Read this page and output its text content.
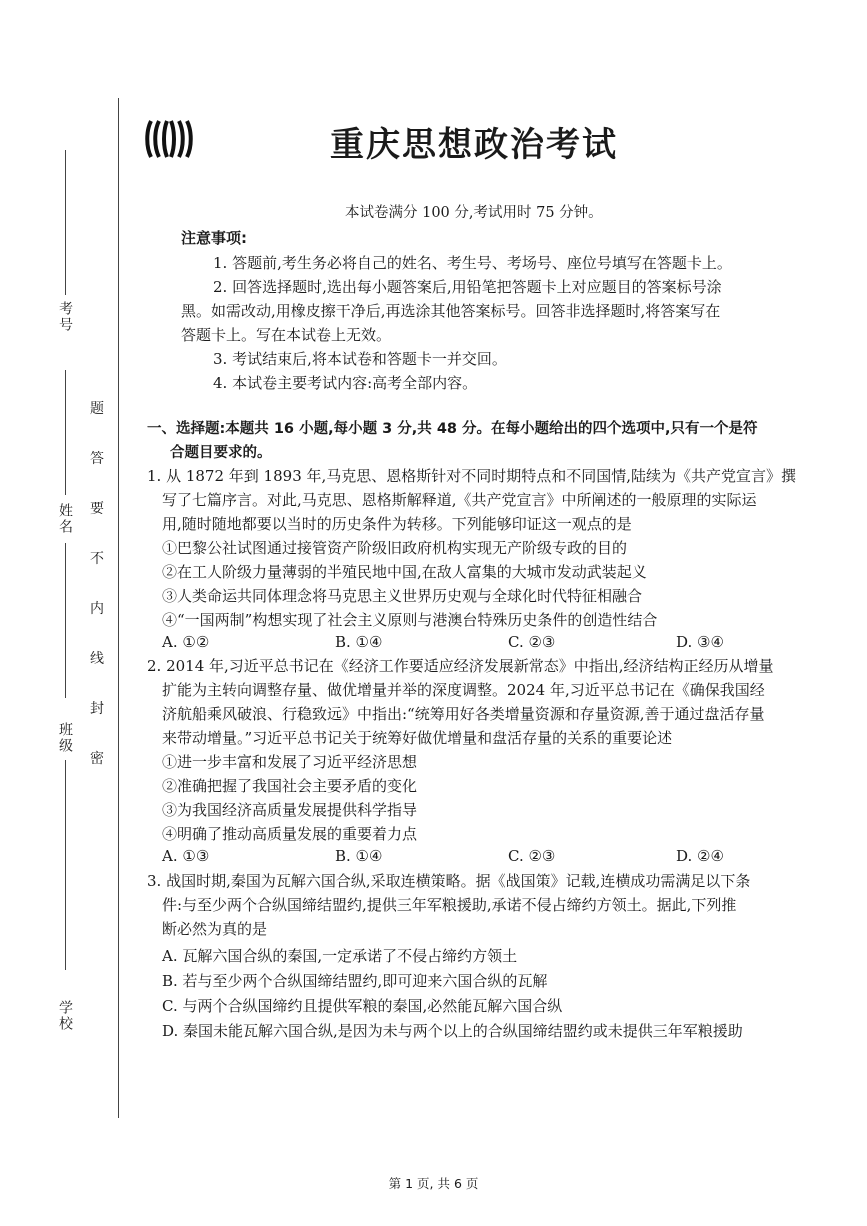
考号
姓名
班级
学校
题
答
要
不
内
线
封
密
重庆思想政治考试
本试卷满分 100 分,考试用时 75 分钟。
注意事项:
1. 答题前,考生务必将自己的姓名、考生号、考场号、座位号填写在答题卡上。
2. 回答选择题时,选出每小题答案后,用铅笔把答题卡上对应题目的答案标号涂
黑。如需改动,用橡皮擦干净后,再选涂其他答案标号。回答非选择题时,将答案写在
答题卡上。写在本试卷上无效。
3. 考试结束后,将本试卷和答题卡一并交回。
4. 本试卷主要考试内容:高考全部内容。
一、选择题:本题共 16 小题,每小题 3 分,共 48 分。在每小题给出的四个选项中,只有一个是符
合题目要求的。
1. 从 1872 年到 1893 年,马克思、恩格斯针对不同时期特点和不同国情,陆续为《共产党宣言》撰
写了七篇序言。对此,马克思、恩格斯解释道,《共产党宣言》中所阐述的一般原理的实际运
用,随时随地都要以当时的历史条件为转移。下列能够印证这一观点的是
①巴黎公社试图通过接管资产阶级旧政府机构实现无产阶级专政的目的
②在工人阶级力量薄弱的半殖民地中国,在敌人富集的大城市发动武装起义
③人类命运共同体理念将马克思主义世界历史观与全球化时代特征相融合
④“一国两制”构想实现了社会主义原则与港澳台特殊历史条件的创造性结合
A. ①②	B. ①④	C. ②③	D. ③④
2. 2014 年,习近平总书记在《经济工作要适应经济发展新常态》中指出,经济结构正经历从增量
扩能为主转向调整存量、做优增量并举的深度调整。2024 年,习近平总书记在《确保我国经
济航船乘风破浪、行稳致远》中指出:“统筹用好各类增量资源和存量资源,善于通过盘活存量
来带动增量。”习近平总书记关于统筹好做优增量和盘活存量的关系的重要论述
①进一步丰富和发展了习近平经济思想
②准确把握了我国社会主要矛盾的变化
③为我国经济高质量发展提供科学指导
④明确了推动高质量发展的重要着力点
A. ①③	B. ①④	C. ②③	D. ②④
3. 战国时期,秦国为瓦解六国合纵,采取连横策略。据《战国策》记载,连横成功需满足以下条
件:与至少两个合纵国缔结盟约,提供三年军粮援助,承诺不侵占缔约方领土。据此,下列推
断必然为真的是
A. 瓦解六国合纵的秦国,一定承诺了不侵占缔约方领土
B. 若与至少两个合纵国缔结盟约,即可迎来六国合纵的瓦解
C. 与两个合纵国缔约且提供军粮的秦国,必然能瓦解六国合纵
D. 秦国未能瓦解六国合纵,是因为未与两个以上的合纵国缔结盟约或未提供三年军粮援助
第 1 页, 共 6 页
